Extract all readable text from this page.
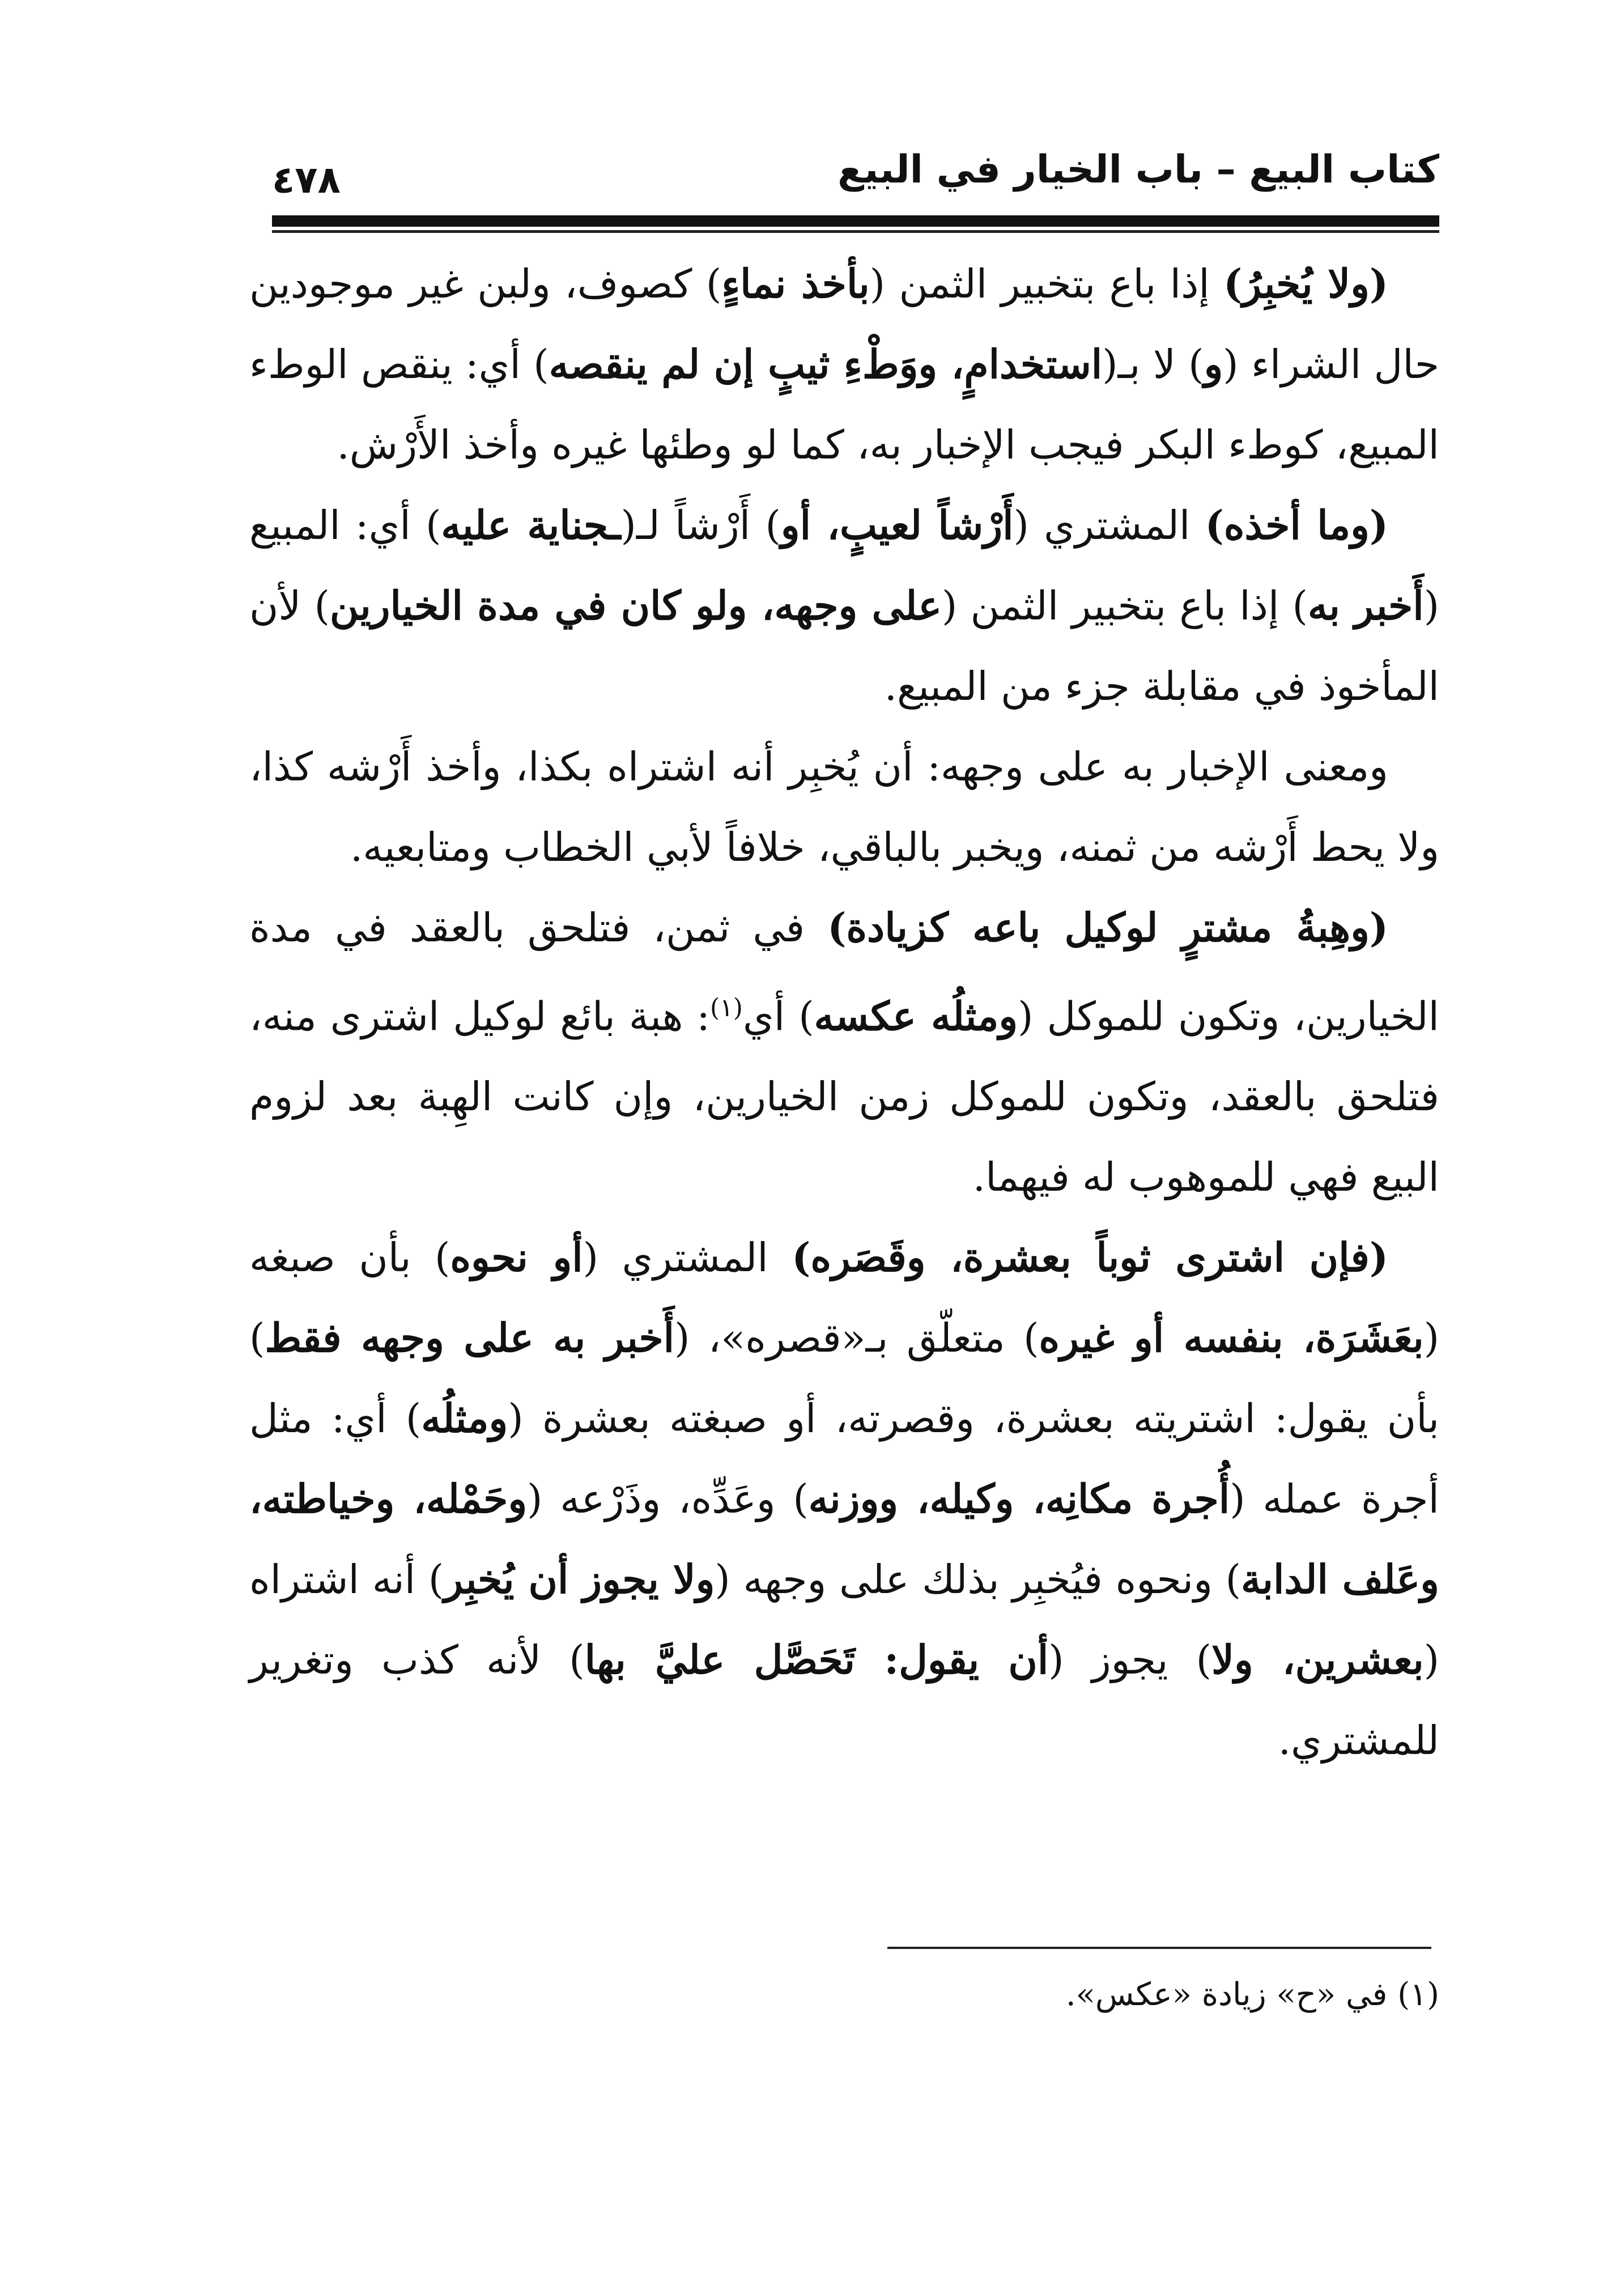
كتاب البيع – باب الخيار في البيع
٤٧٨

(ولا يُخبِرُ) إذا باع بتخبير الثمن (بأخذ نماءٍ) كصوف، ولبن غير موجودين حال الشراء (و) لا بـ(استخدامٍ، ووَطْءِ ثيبٍ إن لم ينقصه) أي: ينقص الوطء المبيع، كوطء البكر فيجب الإخبار به، كما لو وطئها غيره وأخذ الأَرْش.

(وما أخذه) المشتري (أَرْشاً لعيبٍ، أو) أَرْشاً لـ(ـجناية عليه) أي: المبيع (أَخبر به) إذا باع بتخبير الثمن (على وجهه، ولو كان في مدة الخيارين) لأن المأخوذ في مقابلة جزء من المبيع.

ومعنى الإخبار به على وجهه: أن يُخبِر أنه اشتراه بكذا، وأخذ أَرْشه كذا، ولا يحط أَرْشه من ثمنه، ويخبر بالباقي، خلافاً لأبي الخطاب ومتابعيه.

(وهِبةُ مشترٍ لوكيل باعه كزيادة) في ثمن، فتلحق بالعقد في مدة الخيارين، وتكون للموكل (ومثلُه عكسه) أي$^{(١)}$: هبة بائع لوكيل اشترى منه، فتلحق بالعقد، وتكون للموكل زمن الخيارين، وإن كانت الهِبة بعد لزوم البيع فهي للموهوب له فيهما.

(فإن اشترى ثوباً بعشرة، وقَصَره) المشتري (أو نحوه) بأن صبغه (بعَشَرَة، بنفسه أو غيره) متعلّق بـ«قصره»، (أَخبر به على وجهه فقط) بأن يقول: اشتريته بعشرة، وقصرته، أو صبغته بعشرة (ومثلُه) أي: مثل أجرة عمله (أُجرة مكانِه، وكيله، ووزنه) وعَدِّه، وذَرْعه (وحَمْله، وخياطته، وعَلف الدابة) ونحوه فيُخبِر بذلك على وجهه (ولا يجوز أن يُخبِر) أنه اشتراه (بعشرين، ولا) يجوز (أن يقول: تَحَصَّل عليَّ بها) لأنه كذب وتغرير للمشتري.

(١) في «ح» زيادة «عكس».
